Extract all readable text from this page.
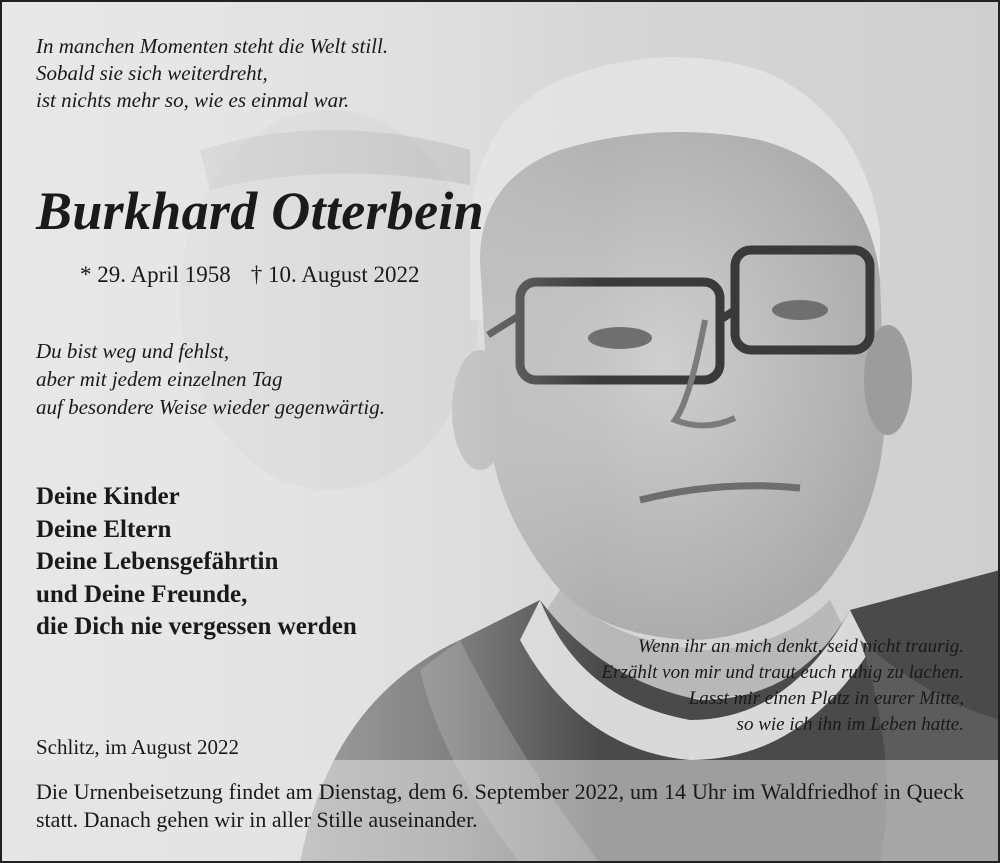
In manchen Momenten steht die Welt still.
Sobald sie sich weiterdreht,
ist nichts mehr so, wie es einmal war.

Burkhard Otterbein

* 29. April 1958 † 10. August 2022

Du bist weg und fehlst,
aber mit jedem einzelnen Tag
auf besondere Weise wieder gegenwärtig.

Deine Kinder
Deine Eltern
Deine Lebensgefährtin
und Deine Freunde,
die Dich nie vergessen werden

Wenn ihr an mich denkt, seid nicht traurig.
Erzählt von mir und traut euch ruhig zu lachen.
Lasst mir einen Platz in eurer Mitte,
so wie ich ihn im Leben hatte.

Schlitz, im August 2022

Die Urnenbeisetzung findet am Dienstag, dem 6. September 2022, um 14 Uhr im Waldfriedhof in Queck statt. Danach gehen wir in aller Stille auseinander.
